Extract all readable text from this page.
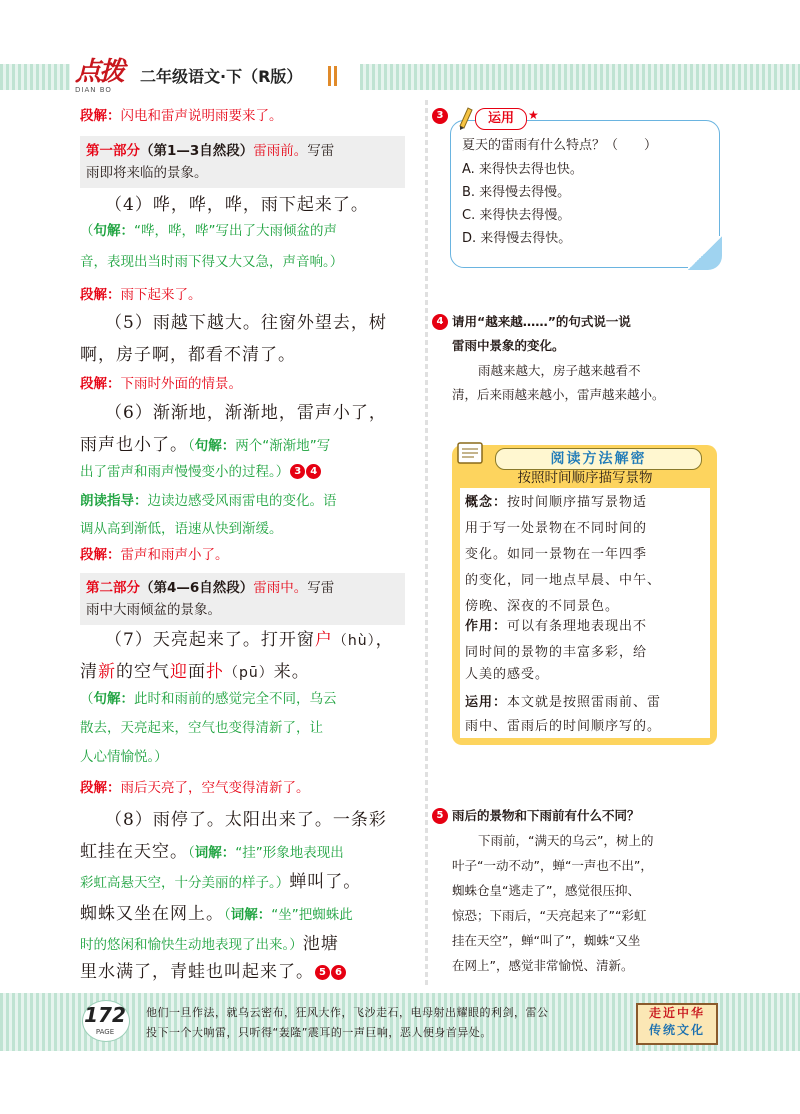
点拨
DIAN BO
二年级语文·下（R版）
段解：闪电和雷声说明雨要来了。
第一部分（第1—3自然段）雷雨前。写雷
雨即将来临的景象。
（4）哗，哗，哗，雨下起来了。
（句解：“哗，哗，哗”写出了大雨倾盆的声
音，表现出当时雨下得又大又急，声音响。）
段解：雨下起来了。
（5）雨越下越大。往窗外望去，树
啊，房子啊，都看不清了。
段解：下雨时外面的情景。
（6）渐渐地，渐渐地，雷声小了，
雨声也小了。（句解：两个“渐渐地”写
出了雷声和雨声慢慢变小的过程。） 3 4
朗读指导：边读边感受风雨雷电的变化。语
调从高到渐低，语速从快到渐缓。
段解：雷声和雨声小了。
第二部分（第4—6自然段）雷雨中。写雷
雨中大雨倾盆的景象。
（7）天亮起来了。打开窗户（hù），
清新的空气迎面扑（pū）来。
（句解：此时和雨前的感觉完全不同，乌云
散去，天亮起来，空气也变得清新了，让
人心情愉悦。）
段解：雨后天亮了，空气变得清新了。
（8）雨停了。太阳出来了。一条彩
虹挂在天空。（词解：“挂”形象地表现出
彩虹高悬天空，十分美丽的样子。）蝉叫了。
蜘蛛又坐在网上。（词解：“坐”把蜘蛛此
时的悠闲和愉快生动地表现了出来。）池塘
里水满了，青蛙也叫起来了。 5 6
3	运用	★
夏天的雷雨有什么特点？（　　）
A. 来得快去得也快。
B. 来得慢去得慢。
C. 来得快去得慢。
D. 来得慢去得快。
4 请用“越来越……”的句式说一说
雷雨中景象的变化。
雨越来越大，房子越来越看不
清，后来雨越来越小，雷声越来越小。
阅读方法解密
按照时间顺序描写景物
概念：按时间顺序描写景物适
用于写一处景物在不同时间的
变化。如同一景物在一年四季
的变化，同一地点早晨、中午、
傍晚、深夜的不同景色。
作用：可以有条理地表现出不
同时间的景物的丰富多彩，给
人美的感受。
运用：本文就是按照雷雨前、雷
雨中、雷雨后的时间顺序写的。
5 雨后的景物和下雨前有什么不同？
下雨前，“满天的乌云”，树上的
叶子“一动不动”，蝉“一声也不出”，
蜘蛛仓皇“逃走了”，感觉很压抑、
惊恐；下雨后，“天亮起来了”“彩虹
挂在天空”，蝉“叫了”，蜘蛛“又坐
在网上”，感觉非常愉悦、清新。
172
PAGE
他们一旦作法，就乌云密布，狂风大作，飞沙走石，电母射出耀眼的利剑，雷公
投下一个大响雷，只听得“轰隆”震耳的一声巨响，恶人便身首异处。
走近中华
传统文化
